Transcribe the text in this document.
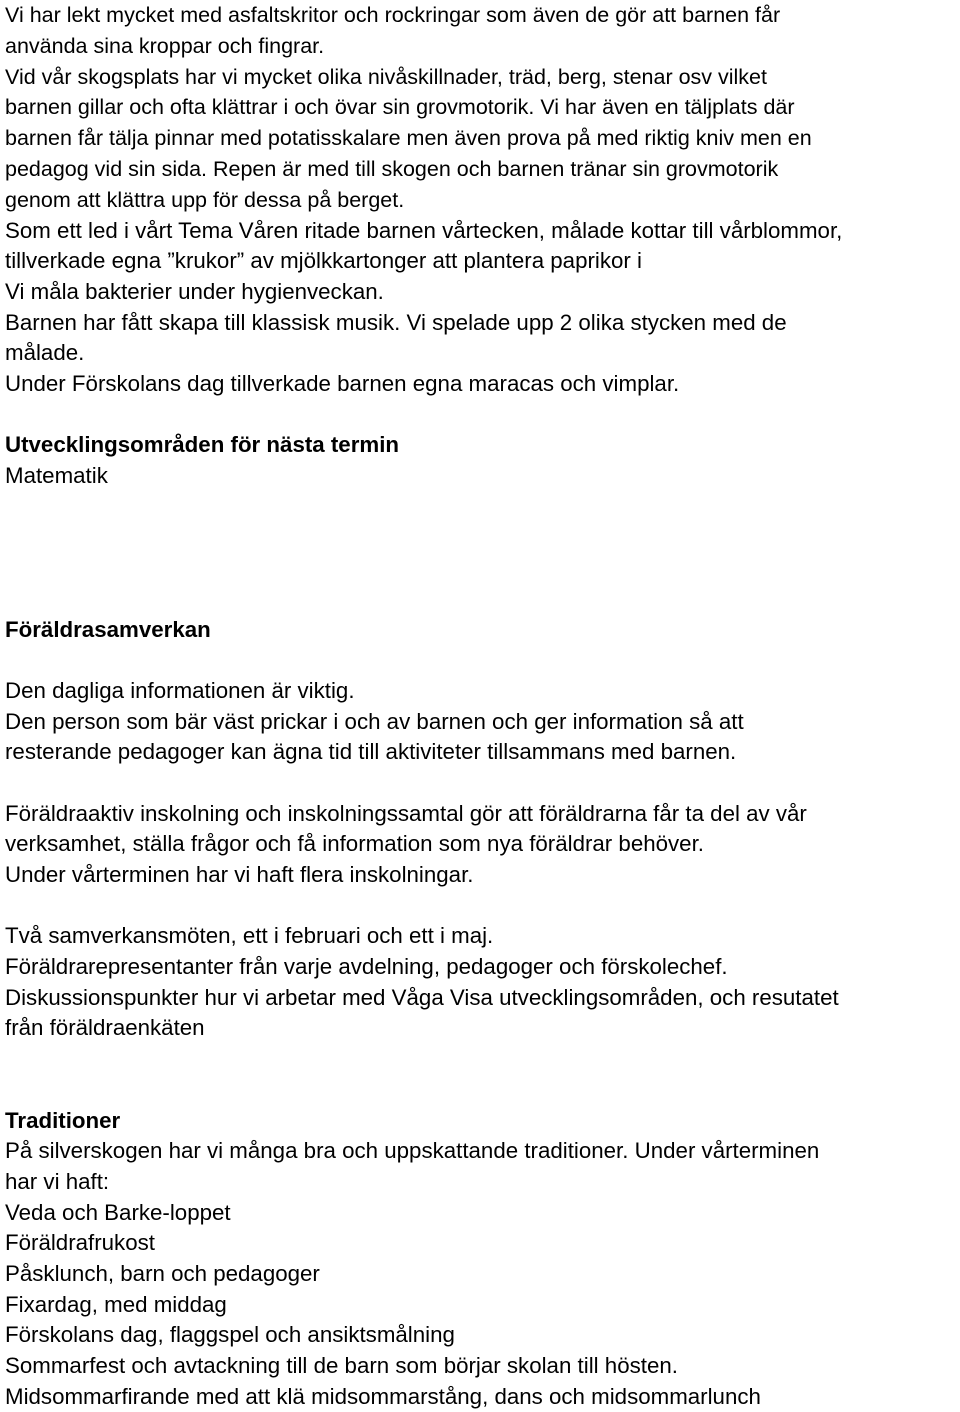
Vi har lekt mycket med asfaltskritor och rockringar som även de gör att barnen får
använda sina kroppar och fingrar.
Vid vår skogsplats har vi mycket olika nivåskillnader, träd, berg, stenar osv vilket
barnen gillar och ofta klättrar i och övar sin grovmotorik. Vi har även en täljplats där
barnen får tälja pinnar med potatisskalare men även prova på med riktig kniv men en
pedagog vid sin sida. Repen är med till skogen och barnen tränar sin grovmotorik
genom att klättra upp för dessa på berget.
Som ett led i vårt Tema Våren ritade barnen vårtecken, målade kottar till vårblommor,
tillverkade egna ”krukor” av mjölkkartonger att plantera paprikor i
Vi måla bakterier under hygienveckan.
Barnen har fått skapa till klassisk musik. Vi spelade upp 2 olika stycken med de
målade.
Under Förskolans dag tillverkade barnen egna maracas och vimplar.
Utvecklingsområden för nästa termin
Matematik
Föräldrasamverkan
Den dagliga informationen är viktig.
Den person som bär väst prickar i och av barnen och ger information så att
resterande pedagoger kan ägna tid till aktiviteter tillsammans med barnen.
Föräldraaktiv inskolning och inskolningssamtal gör att föräldrarna får ta del av vår
verksamhet, ställa frågor och få information som nya föräldrar behöver.
Under vårterminen har vi haft flera inskolningar.
Två samverkansmöten, ett i februari och ett i maj.
Föräldrarepresentanter från varje avdelning, pedagoger och förskolechef.
Diskussionspunkter hur vi arbetar med Våga Visa utvecklingsområden, och resutatet
från föräldraenkäten
Traditioner
På silverskogen har vi många bra och uppskattande traditioner. Under vårterminen
har vi haft:
Veda och Barke-loppet
Föräldrafrukost
Påsklunch, barn och pedagoger
Fixardag, med middag
Förskolans dag, flaggspel och ansiktsmålning
Sommarfest och avtackning till de barn som börjar skolan till hösten.
Midsommarfirande med att klä midsommarstång, dans och midsommarlunch
